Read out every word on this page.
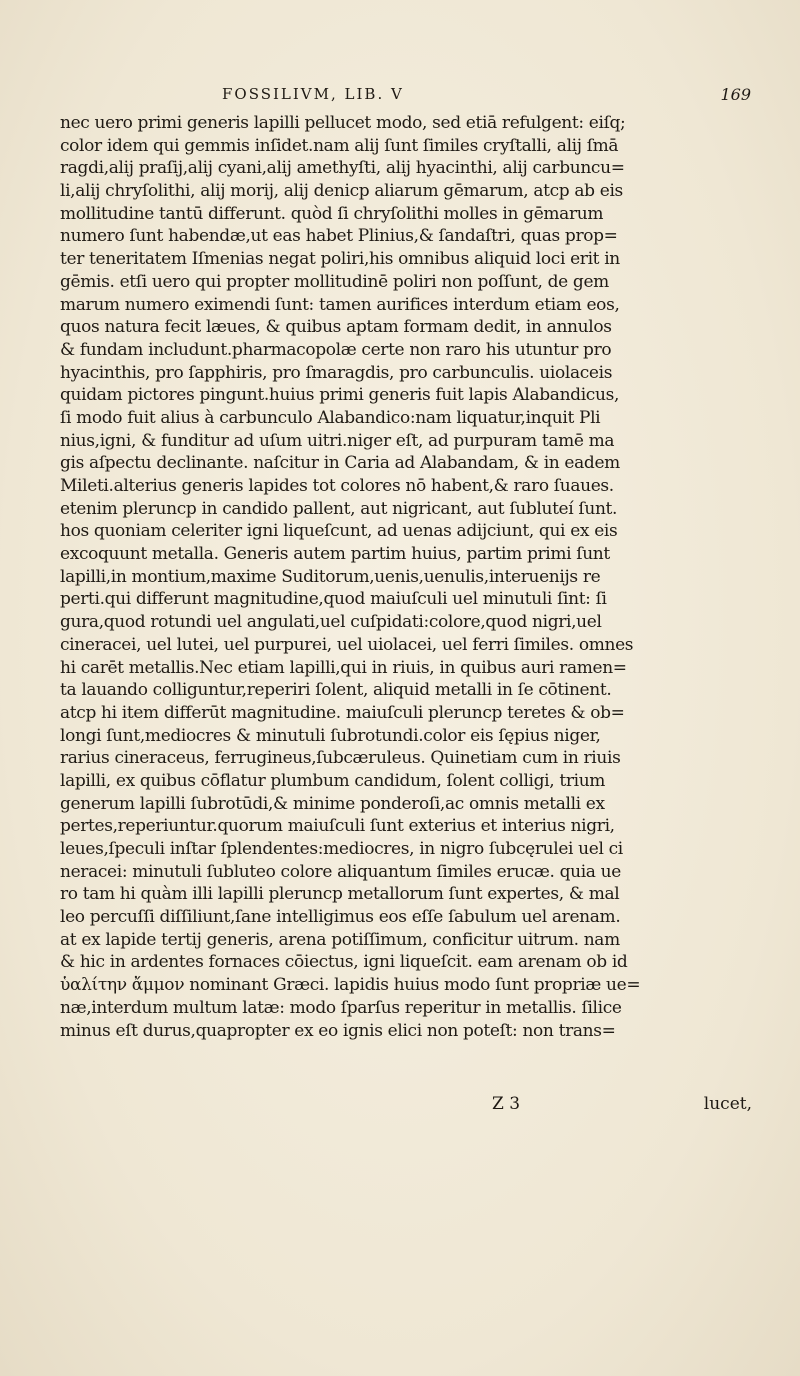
FOSSILIVM, LIB. V	169
nec uero primi generis lapilli pellucet modo, sed etiā refulgent: eiſq;
color idem qui gemmis inſidet.nam alij ſunt ſimiles cryſtalli, alij ſmā
ragdi,alij praſij,alij cyani,alij amethyſti, alij hyacinthi, alij carbuncu=
li,alij chryſolithi, alij morij, alij denicp aliarum gēmarum, atcp ab eis
mollitudine tantū differunt. quòd ſi chryſolithi molles in gēmarum
numero ſunt habendæ,ut eas habet Plinius,& ſandaſtri, quas prop=
ter teneritatem Iſmenias negat poliri,his omnibus aliquid loci erit in
gēmis. etſi uero qui propter mollitudinē poliri non poſſunt, de gem
marum numero eximendi ſunt: tamen aurifices interdum etiam eos,
quos natura fecit læues, & quibus aptam formam dedit, in annulos
& fundam includunt.pharmacopolæ certe non raro his utuntur pro
hyacinthis, pro ſapphiris, pro ſmaragdis, pro carbunculis. uiolaceis
quidam pictores pingunt.huius primi generis fuit lapis Alabandicus,
ſi modo fuit alius à carbunculo Alabandico:nam liquatur,inquit Pli
nius,igni, & funditur ad uſum uitri.niger eſt, ad purpuram tamē ma
gis aſpectu declinante. naſcitur in Caria ad Alabandam, & in eadem
Mileti.alterius generis lapides tot colores nō habent,& raro ſuaues.
etenim pleruncp in candido pallent, aut nigricant, aut ſubluteí ſunt.
hos quoniam celeriter igni liqueſcunt, ad uenas adijciunt, qui ex eis
excoquunt metalla. Generis autem partim huius, partim primi ſunt
lapilli,in montium,maxime Suditorum,uenis,uenulis,interuenijs re
perti.qui differunt magnitudine,quod maiuſculi uel minutuli ſint: ſi
gura,quod rotundi uel angulati,uel cuſpidati:colore,quod nigri,uel
cineracei, uel lutei, uel purpurei, uel uiolacei, uel ferri ſimiles. omnes
hi carēt metallis.Nec etiam lapilli,qui in riuis, in quibus auri ramen=
ta lauando colliguntur,reperiri ſolent, aliquid metalli in ſe cōtinent.
atcp hi item differūt magnitudine. maiuſculi pleruncp teretes & ob=
longi ſunt,mediocres & minutuli ſubrotundi.color eis ſępius niger,
rarius cineraceus, ferrugineus,ſubcæruleus. Quinetiam cum in riuis
lapilli, ex quibus cōflatur plumbum candidum, ſolent colligi, trium
generum lapilli ſubrotūdi,& minime ponderoſi,ac omnis metalli ex
pertes,reperiuntur.quorum maiuſculi ſunt exterius et interius nigri,
leues,ſpeculi inſtar ſplendentes:mediocres, in nigro ſubcęrulei uel ci
neracei: minutuli ſubluteo colore aliquantum ſimiles erucæ. quia ue
ro tam hi quàm illi lapilli pleruncp metallorum ſunt expertes, & mal
leo percuſſi diſſiliunt,ſane intelligimus eos eſſe ſabulum uel arenam.
at ex lapide tertij generis, arena potiſſimum, conficitur uitrum. nam
& hic in ardentes fornaces cōiectus, igni liqueſcit. eam arenam ob id
ὑαλίτην ἄμμον nominant Græci. lapidis huius modo ſunt propriæ ue=
næ,interdum multum latæ: modo ſparſus reperitur in metallis. ſilice
minus eſt durus,quapropter ex eo ignis elici non poteſt: non trans=
Z 3	lucet,
